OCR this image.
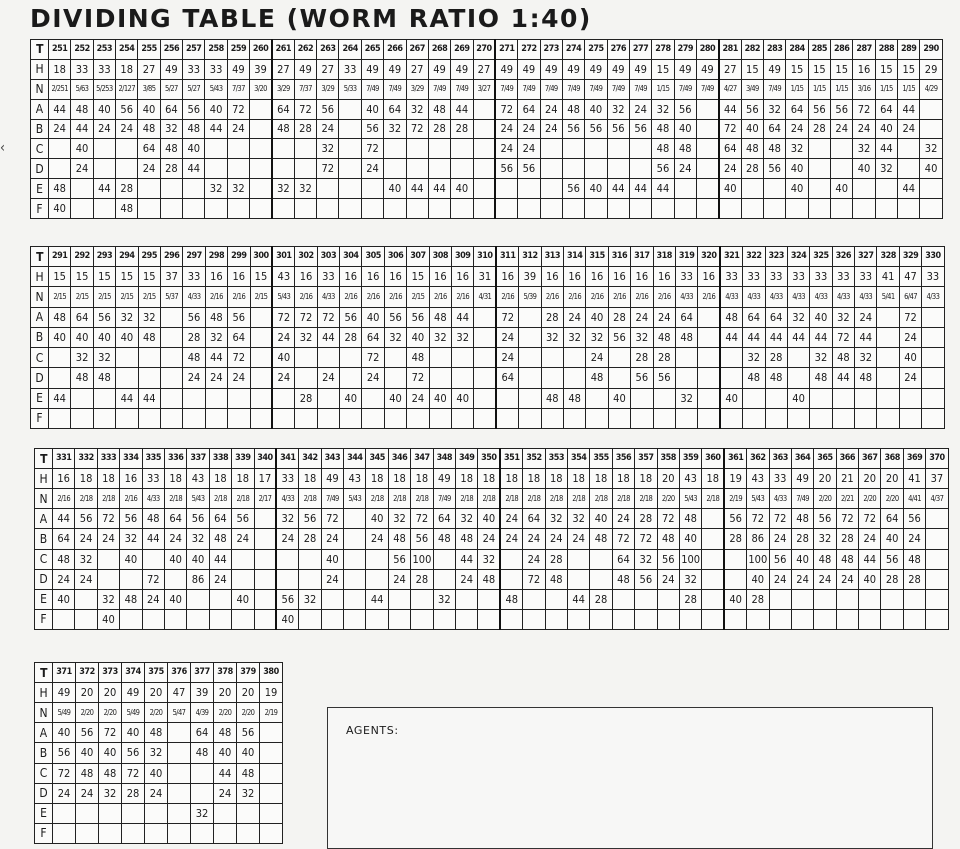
DIVIDING TABLE (WORM RATIO 1:40)
‹
T	251	252	253	254	255	256	257	258	259	260	261	262	263	264	265	266	267	268	269	270	271	272	273	274	275	276	277	278	279	280	281	282	283	284	285	286	287	288	289	290
H	18	33	33	18	27	49	33	33	49	39	27	49	27	33	49	49	27	49	49	27	49	49	49	49	49	49	49	15	49	49	27	15	49	15	15	15	16	15	15	29
N	2/251	5/63	5/253	2/127	3/85	5/27	5/27	5/43	7/37	3/20	3/29	7/37	3/29	5/33	7/49	7/49	3/29	7/49	7/49	3/27	7/49	7/49	7/49	7/49	7/49	7/49	7/49	1/15	7/49	7/49	4/27	3/49	7/49	1/15	1/15	1/15	3/16	1/15	1/15	4/29
A	44	48	40	56	40	64	56	40	72		64	72	56		40	64	32	48	44		72	64	24	48	40	32	24	32	56		44	56	32	64	56	56	72	64	44	
B	24	44	24	24	48	32	48	44	24		48	28	24		56	32	72	28	28		24	24	24	56	56	56	56	48	40		72	40	64	24	28	24	24	40	24	
C		40			64	48	40						32		72						24	24						48	48		64	48	48	32			32	44		32
D		24			24	28	44						72		24						56	56						56	24		24	28	56	40			40	32		40
E	48		44	28				32	32		32	32				40	44	44	40					56	40	44	44	44			40			40		40			44	
F	40			48																																				
T	291	292	293	294	295	296	297	298	299	300	301	302	303	304	305	306	307	308	309	310	311	312	313	314	315	316	317	318	319	320	321	322	323	324	325	326	327	328	329	330
H	15	15	15	15	15	37	33	16	16	15	43	16	33	16	16	16	15	16	16	31	16	39	16	16	16	16	16	16	33	16	33	33	33	33	33	33	33	41	47	33
N	2/15	2/15	2/15	2/15	2/15	5/37	4/33	2/16	2/16	2/15	5/43	2/16	4/33	2/16	2/16	2/16	2/15	2/16	2/16	4/31	2/16	5/39	2/16	2/16	2/16	2/16	2/16	2/16	4/33	2/16	4/33	4/33	4/33	4/33	4/33	4/33	4/33	5/41	6/47	4/33
A	48	64	56	32	32		56	48	56		72	72	72	56	40	56	56	48	44		72		28	24	40	28	24	24	64		48	64	64	32	40	32	24		72	
B	40	40	40	40	48		28	32	64		24	32	44	28	64	32	40	32	32		24		32	32	32	56	32	48	48		44	44	44	44	44	72	44		24	
C		32	32				48	44	72		40				72		48				24				24		28	28				32	28		32	48	32		40	
D		48	48				24	24	24		24		24		24		72				64				48		56	56				48	48		48	44	48		24	
E	44			44	44							28		40		40	24	40	40				48	48		40			32		40			40						
F																																								
T	331	332	333	334	335	336	337	338	339	340	341	342	343	344	345	346	347	348	349	350	351	352	353	354	355	356	357	358	359	360	361	362	363	364	365	366	367	368	369	370
H	16	18	18	16	33	18	43	18	18	17	33	18	49	43	18	18	18	49	18	18	18	18	18	18	18	18	18	20	43	18	19	43	33	49	20	21	20	20	41	37
N	2/16	2/18	2/18	2/16	4/33	2/18	5/43	2/18	2/18	2/17	4/33	2/18	7/49	5/43	2/18	2/18	2/18	7/49	2/18	2/18	2/18	2/18	2/18	2/18	2/18	2/18	2/18	2/20	5/43	2/18	2/19	5/43	4/33	7/49	2/20	2/21	2/20	2/20	4/41	4/37
A	44	56	72	56	48	64	56	64	56		32	56	72		40	32	72	64	32	40	24	64	32	32	40	24	28	72	48		56	72	72	48	56	72	72	64	56	
B	64	24	24	32	44	24	32	48	24		24	28	24		24	48	56	48	48	24	24	24	24	24	48	72	72	48	40		28	86	24	28	32	28	24	40	24	
C	48	32		40		40	40	44					40			56	100		44	32		24	28			64	32	56	100			100	56	40	48	48	44	56	48	
D	24	24			72		86	24					24			24	28		24	48		72	48			48	56	24	32			40	24	24	24	24	40	28	28	
E	40		32	48	24	40			40		56	32			44			32			48			44	28				28		40	28								
F			40								40																													
T	371	372	373	374	375	376	377	378	379	380
H	49	20	20	49	20	47	39	20	20	19
N	5/49	2/20	2/20	5/49	2/20	5/47	4/39	2/20	2/20	2/19
A	40	56	72	40	48		64	48	56	
B	56	40	40	56	32		48	40	40	
C	72	48	48	72	40			44	48	
D	24	24	32	28	24			24	32	
E							32			
F										
AGENTS:
